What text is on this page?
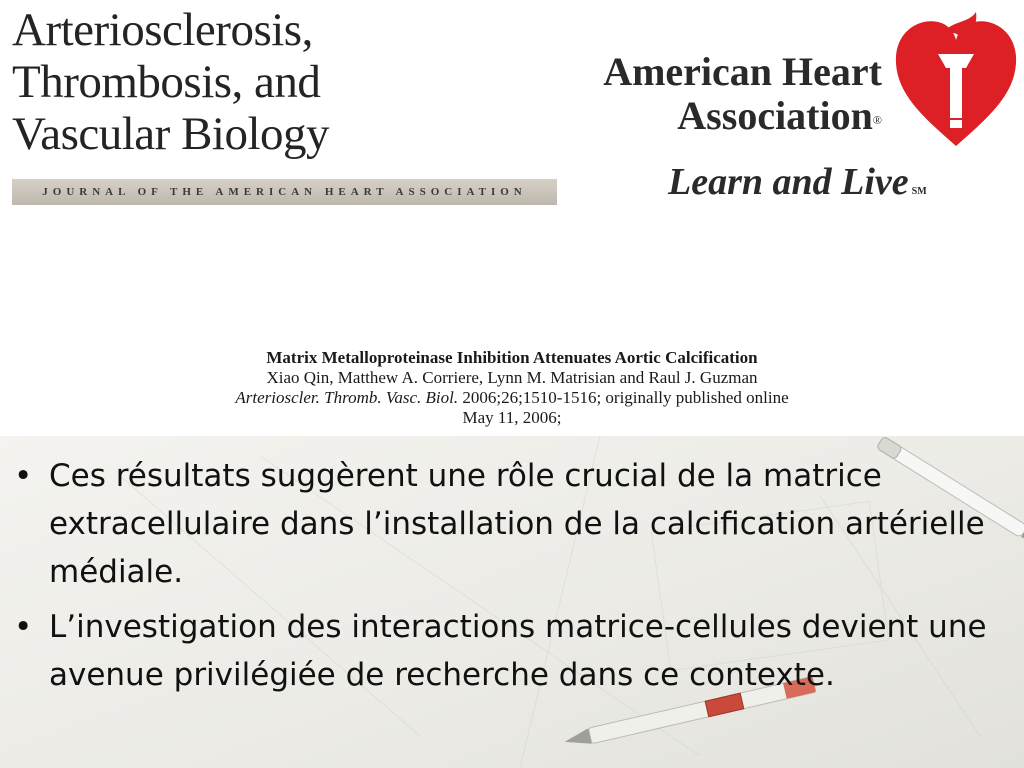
Arteriosclerosis,
Thrombosis, and
Vascular Biology
JOURNAL OF THE AMERICAN HEART ASSOCIATION
American Heart
Association®
Learn and Live SM
Matrix Metalloproteinase Inhibition Attenuates Aortic Calcification
Xiao Qin, Matthew A. Corriere, Lynn M. Matrisian and Raul J. Guzman
Arterioscler. Thromb. Vasc. Biol. 2006;26;1510-1516; originally published online
May 11, 2006;
• Ces résultats suggèrent une rôle crucial de la matrice extracellulaire dans l’installation de la calcification artérielle médiale.
• L’investigation des interactions matrice-cellules devient une avenue privilégiée de recherche dans ce contexte.
